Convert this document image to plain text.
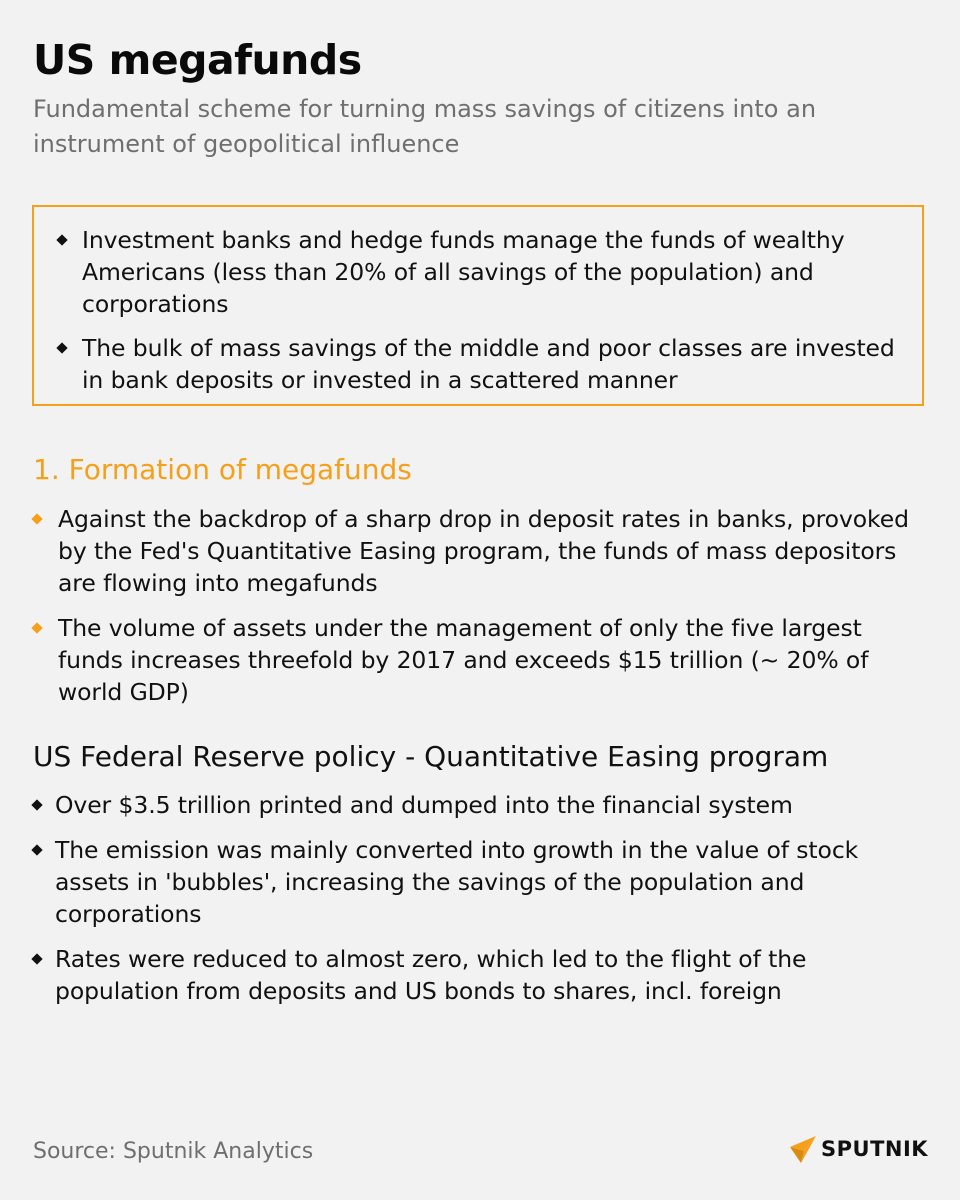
US megafunds

Fundamental scheme for turning mass savings of citizens into an instrument of geopolitical influence

Investment banks and hedge funds manage the funds of wealthy Americans (less than 20% of all savings of the population) and corporations
The bulk of mass savings of the middle and poor classes are invested in bank deposits or invested in a scattered manner
1. Formation of megafunds
Against the backdrop of a sharp drop in deposit rates in banks, provoked by the Fed's Quantitative Easing program, the funds of mass depositors are flowing into megafunds
The volume of assets under the management of only the five largest funds increases threefold by 2017 and exceeds $15 trillion (~ 20% of world GDP)
US Federal Reserve policy - Quantitative Easing program
Over $3.5 trillion printed and dumped into the financial system
The emission was mainly converted into growth in the value of stock assets in 'bubbles', increasing the savings of the population and corporations
Rates were reduced to almost zero, which led to the flight of the population from deposits and US bonds to shares, incl. foreign
Source: Sputnik Analytics	SPUTNIK
